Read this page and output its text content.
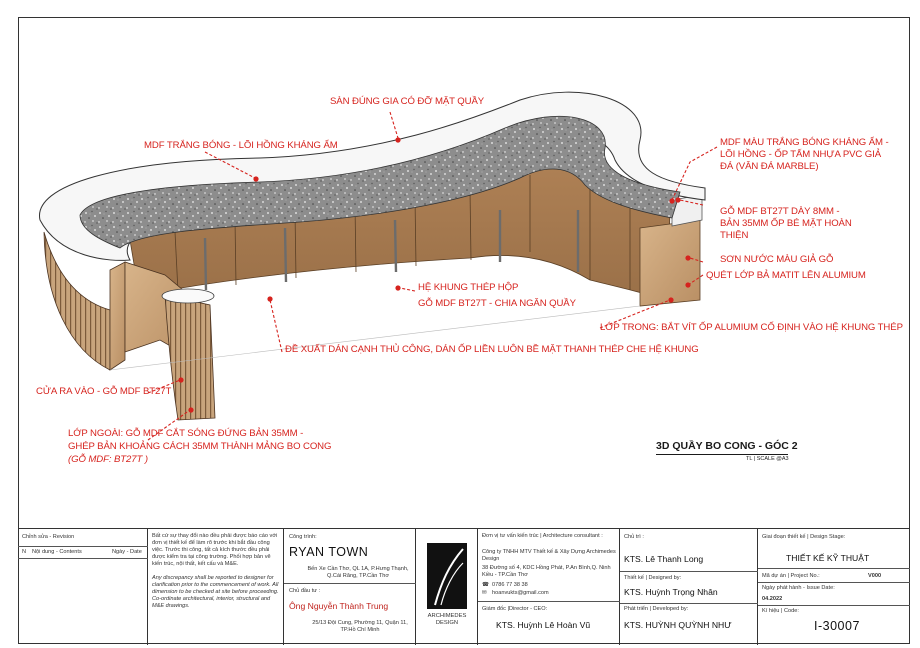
SÀN ĐÚNG GIA CÓ ĐỠ MẶT QUẦY
MDF TRẮNG BÓNG - LÕI HỒNG KHÁNG ẨM	MDF MÀU TRẮNG BÓNG KHÁNG ẨM - LÕI HỒNG - ỐP TẤM NHỰA PVC GIẢ ĐÁ (VÂN ĐÁ MARBLE)
GỖ MDF BT27T DÀY 8MM - BẢN 35MM ỐP BÉ MẶT HOÀN THIỆN
SƠN NƯỚC MÀU GIẢ GỖ
QUÉT LỚP BẢ MATIT LÊN ALUMIUM
HỆ KHUNG THÉP HỘP
GỖ MDF BT27T - CHIA NGĂN QUẦY
LỚP TRONG: BẮT VÍT ỐP ALUMIUM CỐ ĐỊNH VÀO HỆ KHUNG THÉP
ĐỀ XUẤT DÁN CẠNH THỦ CÔNG, DÁN ỐP LIỀN LUÔN BỀ MẶT THANH THÉP CHE HỆ KHUNG
CỬA RA VÀO - GỖ MDF BT27T
LỚP NGOÀI: GỖ MDF CẮT SÓNG ĐỨNG BẢN 35MM -
GHÉP BẢN KHOẢNG CÁCH 35MM THÀNH MẢNG BO CONG
(GỖ MDF: BT27T )
3D QUẦY BO CONG - GÓC 2
TL | SCALE @A3
Chỉnh sửa - Revision
N Nội dung - Contents	Ngày - Date
Bất cứ sự thay đổi nào đều phải được báo cáo với đơn vị thiết kế để làm rõ trước khi bắt đầu công việc. Trước thi công, tất cả kích thước đều phải được kiểm tra tại công trường. Phối hợp bản vẽ kiến trúc, nội thất, kết cấu và M&E.
Any discrepancy shall be reported to designer for clarification prior to the commencement of work. All dimension to be checked at site before proceeding. Co-ordinate architectural, interior, structural and M&E drawings.
Công trình:
RYAN TOWN
Bến Xe Cần Thơ, QL 1A, P.Hưng Thạnh, Q.Cái Răng, TP.Cần Thơ
Chủ đầu tư :
Ông Nguyễn Thành Trung
25/13 Đội Cung, Phường 11, Quận 11, TP.Hồ Chí Minh
ARCHIMEDES DESIGN
Đơn vị tư vấn kiến trúc | Architecture consultant :
Công ty TNHH MTV Thiết kế & Xây Dựng Archimedes Design
38 Đường số 4, KDC Hồng Phát, P.An Bình,Q. Ninh Kiều - TP.Cần Thơ
☎ 0786 77 38 38
✉ hoanvukts@gmail.com
Giám đốc |Director - CEO:
KTS. Huỳnh Lê Hoàn Vũ
Chủ trì :
KTS. Lê Thanh Long
Thiết kế | Designed by:
KTS. Huỳnh Trọng Nhân
Phát triển | Developed by:
KTS. HUỲNH QUỲNH NHƯ
Giai đoạn thiết kế | Design Stage:
THIẾT KẾ KỸ THUẬT
Mã dự án | Project No.:	V000
Ngày phát hành - Issue Date:
04.2022
Kí hiệu | Code:
I-30007
